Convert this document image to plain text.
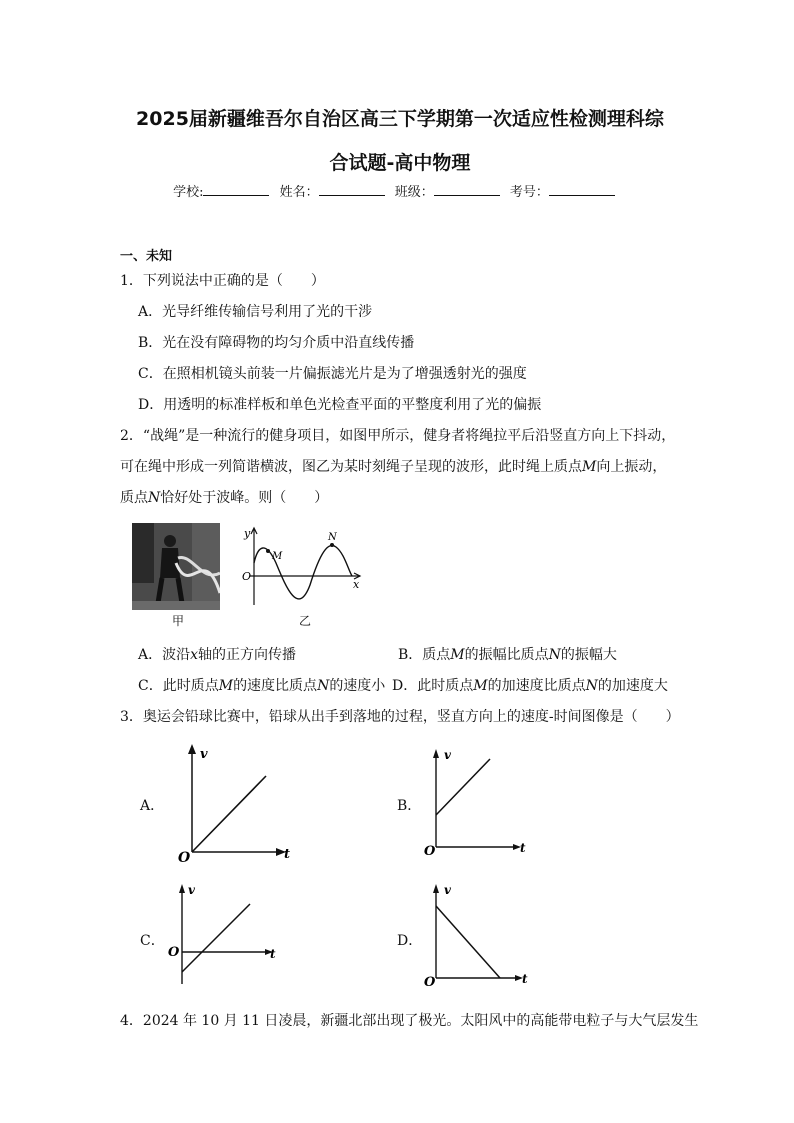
2025届新疆维吾尔自治区高三下学期第一次适应性检测理科综
合试题-高中物理
学校:	姓名：	班级：	考号：
一、未知
1．下列说法中正确的是（　　）
A．光导纤维传输信号利用了光的干涉
B．光在没有障碍物的均匀介质中沿直线传播
C．在照相机镜头前装一片偏振滤光片是为了增强透射光的强度
D．用透明的标准样板和单色光检查平面的平整度利用了光的偏振
2．“战绳”是一种流行的健身项目，如图甲所示，健身者将绳拉平后沿竖直方向上下抖动，
可在绳中形成一列简谐横波，图乙为某时刻绳子呈现的波形，此时绳上质点M向上振动，
质点N恰好处于波峰。则（　　）
甲
y
x
O
M
N
乙
A．波沿x轴的正方向传播	B．质点M的振幅比质点N的振幅大
C．此时质点M的速度比质点N的速度小 D．此时质点M的加速度比质点N的加速度大
3．奥运会铅球比赛中，铅球从出手到落地的过程，竖直方向上的速度-时间图像是（　　）
A．
v
O	t
B．
v
O	t
C．
v
O	t
D．
v
O	t
4．2024 年 10 月 11 日凌晨，新疆北部出现了极光。太阳风中的高能带电粒子与大气层发生
